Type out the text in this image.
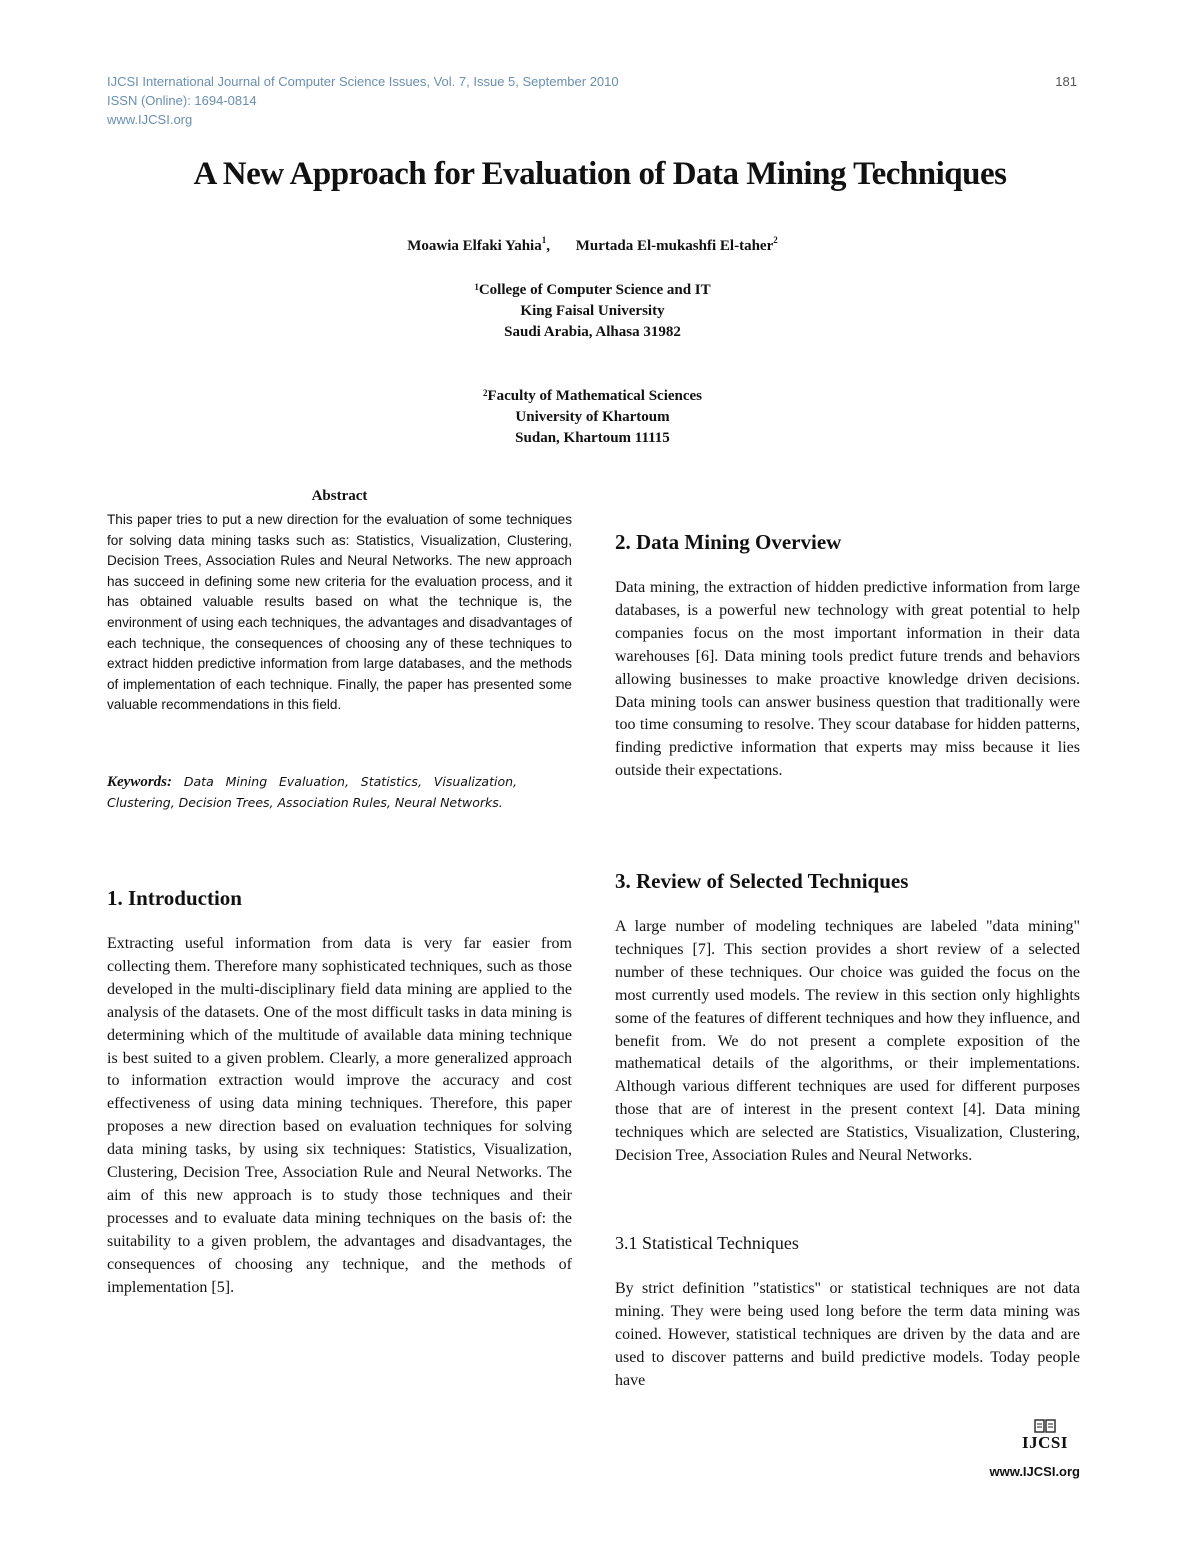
IJCSI International Journal of Computer Science Issues, Vol. 7, Issue 5, September 2010
ISSN (Online): 1694-0814
www.IJCSI.org
181
A New Approach for Evaluation of Data Mining Techniques
Moawia Elfaki Yahia$^1$, Murtada El-mukashfi El-taher$^2$
$^1$College of Computer Science and IT
King Faisal University
Saudi Arabia, Alhasa 31982
$^2$Faculty of Mathematical Sciences
University of Khartoum
Sudan, Khartoum 11115
Abstract
This paper tries to put a new direction for the evaluation of some techniques for solving data mining tasks such as: Statistics, Visualization, Clustering, Decision Trees, Association Rules and Neural Networks. The new approach has succeed in defining some new criteria for the evaluation process, and it has obtained valuable results based on what the technique is, the environment of using each techniques, the advantages and disadvantages of each technique, the consequences of choosing any of these techniques to extract hidden predictive information from large databases, and the methods of implementation of each technique. Finally, the paper has presented some valuable recommendations in this field.
Keywords: Data Mining Evaluation, Statistics, Visualization, Clustering, Decision Trees, Association Rules, Neural Networks.
1. Introduction
Extracting useful information from data is very far easier from collecting them. Therefore many sophisticated techniques, such as those developed in the multi-disciplinary field data mining are applied to the analysis of the datasets. One of the most difficult tasks in data mining is determining which of the multitude of available data mining technique is best suited to a given problem. Clearly, a more generalized approach to information extraction would improve the accuracy and cost effectiveness of using data mining techniques. Therefore, this paper proposes a new direction based on evaluation techniques for solving data mining tasks, by using six techniques: Statistics, Visualization, Clustering, Decision Tree, Association Rule and Neural Networks. The aim of this new approach is to study those techniques and their processes and to evaluate data mining techniques on the basis of: the suitability to a given problem, the advantages and disadvantages, the consequences of choosing any technique, and the methods of implementation [5].
2. Data Mining Overview
Data mining, the extraction of hidden predictive information from large databases, is a powerful new technology with great potential to help companies focus on the most important information in their data warehouses [6]. Data mining tools predict future trends and behaviors allowing businesses to make proactive knowledge driven decisions. Data mining tools can answer business question that traditionally were too time consuming to resolve. They scour database for hidden patterns, finding predictive information that experts may miss because it lies outside their expectations.
3. Review of Selected Techniques
A large number of modeling techniques are labeled "data mining" techniques [7]. This section provides a short review of a selected number of these techniques. Our choice was guided the focus on the most currently used models. The review in this section only highlights some of the features of different techniques and how they influence, and benefit from. We do not present a complete exposition of the mathematical details of the algorithms, or their implementations. Although various different techniques are used for different purposes those that are of interest in the present context [4]. Data mining techniques which are selected are Statistics, Visualization, Clustering, Decision Tree, Association Rules and Neural Networks.
3.1 Statistical Techniques
By strict definition "statistics" or statistical techniques are not data mining. They were being used long before the term data mining was coined. However, statistical techniques are driven by the data and are used to discover patterns and build predictive models. Today people have
IJCSI
www.IJCSI.org
